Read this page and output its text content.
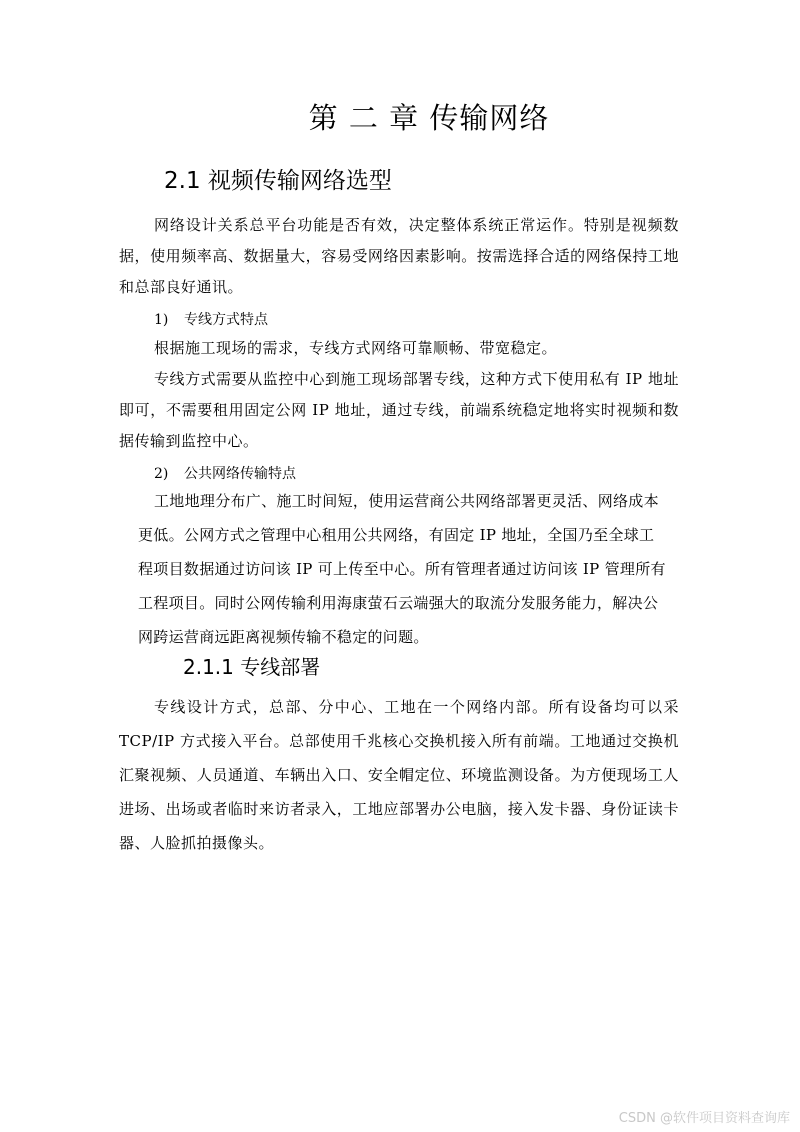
第 二 章 传输网络
2.1 视频传输网络选型

网络设计关系总平台功能是否有效，决定整体系统正常运作。特别是视频数据，使用频率高、数据量大，容易受网络因素影响。按需选择合适的网络保持工地和总部良好通讯。

1) 专线方式特点

根据施工现场的需求，专线方式网络可靠顺畅、带宽稳定。

专线方式需要从监控中心到施工现场部署专线，这种方式下使用私有 IP 地址即可，不需要租用固定公网 IP 地址，通过专线，前端系统稳定地将实时视频和数据传输到监控中心。

2) 公共网络传输特点

工地地理分布广、施工时间短，使用运营商公共网络部署更灵活、网络成本
更低。公网方式之管理中心租用公共网络，有固定 IP 地址，全国乃至全球工
程项目数据通过访问该 IP 可上传至中心。所有管理者通过访问该 IP 管理所有
工程项目。同时公网传输利用海康萤石云端强大的取流分发服务能力，解决公
网跨运营商远距离视频传输不稳定的问题。
2.1.1 专线部署

专线设计方式，总部、分中心、工地在一个网络内部。所有设备均可以采 TCP/IP 方式接入平台。总部使用千兆核心交换机接入所有前端。工地通过交换机汇聚视频、人员通道、车辆出入口、安全帽定位、环境监测设备。为方便现场工人进场、出场或者临时来访者录入，工地应部署办公电脑，接入发卡器、身份证读卡器、人脸抓拍摄像头。

CSDN @软件项目资料查询库
